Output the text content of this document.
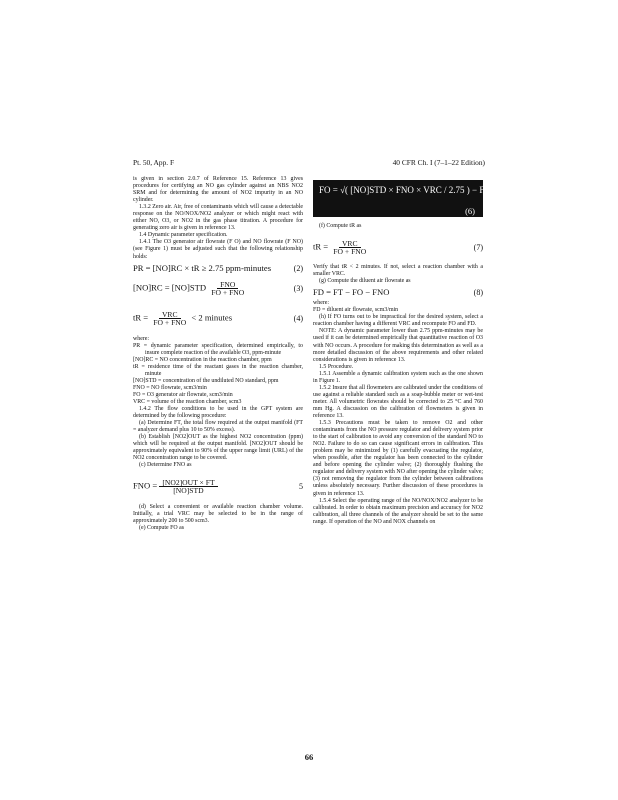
Pt. 50, App. F	40 CFR Ch. I (7–1–22 Edition)

is given in section 2.0.7 of Reference 15. Reference 13 gives procedures for certifying an NO gas cylinder against an NBS NO2 SRM and for determining the amount of NO2 impurity in an NO cylinder.

1.3.2 Zero air. Air, free of contaminants which will cause a detectable response on the NO/NOX/NO2 analyzer or which might react with either NO, O3, or NO2 in the gas phase titration. A procedure for generating zero air is given in reference 13.

1.4 Dynamic parameter specification.

1.4.1 The O3 generator air flowrate (F O) and NO flowrate (F NO) (see Figure 1) must be adjusted such that the following relationship holds:

PR = [NO]RC × tR ≥ 2.75 ppm-minutes	(2)
$[NO]RC = [NO]STD \frac{\text{FNO}}{\text{FO + FNO}}$	(3)
tR = $\frac{\text{VRC}}{\text{FO + FNO}} < 2$ minutes	(4)

where:

PR = dynamic parameter specification, determined empirically, to insure complete reaction of the available O3, ppm-minute

[NO]RC = NO concentration in the reaction chamber, ppm

tR = residence time of the reactant gases in the reaction chamber, minute

[NO]STD = concentration of the undiluted NO standard, ppm

FNO = NO flowrate, scm3/min

FO = O3 generator air flowrate, scm3/min

VRC = volume of the reaction chamber, scm3

1.4.2 The flow conditions to be used in the GPT system are determined by the following procedure:

(a) Determine FT, the total flow required at the output manifold (FT = analyzer demand plus 10 to 50% excess).

(b) Establish [NO2]OUT as the highest NO2 concentration (ppm) which will be required at the output manifold. [NO2]OUT should be approximately equivalent to 90% of the upper range limit (URL) of the NO2 concentration range to be covered.

(c) Determine FNO as

FNO = $\frac{\text{[NO2]OUT × FT}}{\text{[NO]STD}}$	5

(d) Select a convenient or available reaction chamber volume. Initially, a trial VRC may be selected to be in the range of approximately 200 to 500 scm3.

(e) Compute FO as

FO = √( [NO]STD × FNO × VRC / 2.75 ) − FNO
(6)

(f) Compute tR as

tR = $\frac{\text{VRC}}{\text{FO + FNO}}$	(7)

Verify that tR < 2 minutes. If not, select a reaction chamber with a smaller VRC.

(g) Compute the diluent air flowrate as

FD = FT − FO − FNO	(8)

where:

FD = diluent air flowrate, scm3/min

(h) If FO turns out to be impractical for the desired system, select a reaction chamber having a different VRC and recompute FO and FD.

NOTE: A dynamic parameter lower than 2.75 ppm-minutes may be used if it can be determined empirically that quantitative reaction of O3 with NO occurs. A procedure for making this determination as well as a more detailed discussion of the above requirements and other related considerations is given in reference 13.

1.5 Procedure.

1.5.1 Assemble a dynamic calibration system such as the one shown in Figure 1.

1.5.2 Insure that all flowmeters are calibrated under the conditions of use against a reliable standard such as a soap-bubble meter or wet-test meter. All volumetric flowrates should be corrected to 25 °C and 760 mm Hg. A discussion on the calibration of flowmeters is given in reference 13.

1.5.3 Precautions must be taken to remove O2 and other contaminants from the NO pressure regulator and delivery system prior to the start of calibration to avoid any conversion of the standard NO to NO2. Failure to do so can cause significant errors in calibration. This problem may be minimized by (1) carefully evacuating the regulator, when possible, after the regulator has been connected to the cylinder and before opening the cylinder valve; (2) thoroughly flushing the regulator and delivery system with NO after opening the cylinder valve; (3) not removing the regulator from the cylinder between calibrations unless absolutely necessary. Further discussion of these procedures is given in reference 13.

1.5.4 Select the operating range of the NO/NOX/NO2 analyzer to be calibrated. In order to obtain maximum precision and accuracy for NO2 calibration, all three channels of the analyzer should be set to the same range. If operation of the NO and NOX channels on

66
